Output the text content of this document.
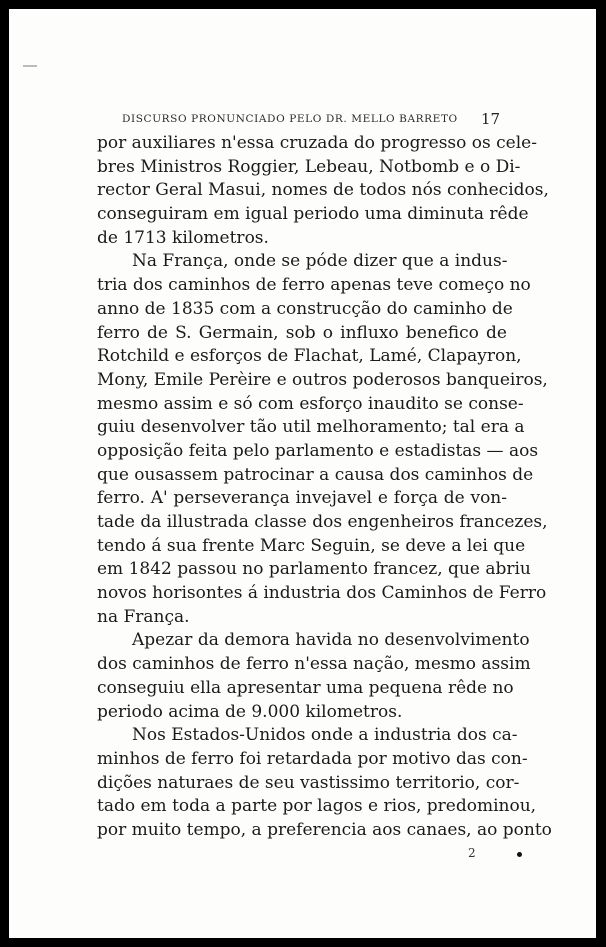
DISCURSO PRONUNCIADO PELO DR. MELLO BARRETO	17
por auxiliares n'essa cruzada do progresso os cele-
bres Ministros Roggier, Lebeau, Notbomb e o Di-
rector Geral Masui, nomes de todos nós conhecidos,
conseguiram em igual periodo uma diminuta rêde
de 1713 kilometros.
Na França, onde se póde dizer que a indus-
tria dos caminhos de ferro apenas teve começo no
anno de 1835 com a construcção do caminho de
ferro de S. Germain, sob o influxo benefico de
Rotchild e esforços de Flachat, Lamé, Clapayron,
Mony, Emile Perèire e outros poderosos banqueiros,
mesmo assim e só com esforço inaudito se conse-
guiu desenvolver tão util melhoramento; tal era a
opposição feita pelo parlamento e estadistas — aos
que ousassem patrocinar a causa dos caminhos de
ferro. A' perseverança invejavel e força de von-
tade da illustrada classe dos engenheiros francezes,
tendo á sua frente Marc Seguin, se deve a lei que
em 1842 passou no parlamento francez, que abriu
novos horisontes á industria dos Caminhos de Ferro
na França.
Apezar da demora havida no desenvolvimento
dos caminhos de ferro n'essa nação, mesmo assim
conseguiu ella apresentar uma pequena rêde no
periodo acima de 9.000 kilometros.
Nos Estados-Unidos onde a industria dos ca-
minhos de ferro foi retardada por motivo das con-
dições naturaes de seu vastissimo territorio, cor-
tado em toda a parte por lagos e rios, predominou,
por muito tempo, a preferencia aos canaes, ao ponto
2
